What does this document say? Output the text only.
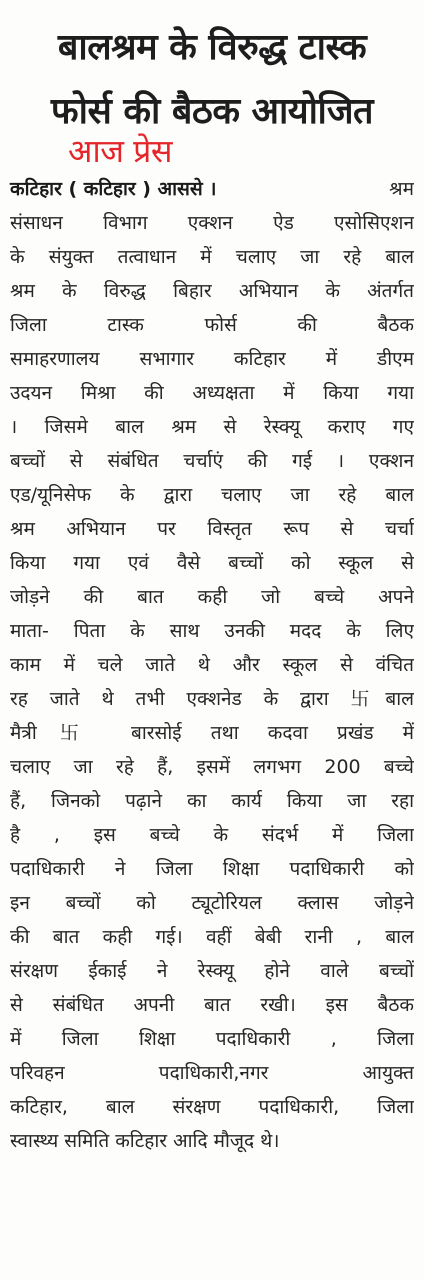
बालश्रम के विरुद्ध टास्क
फोर्स की बैठक आयोजित
आज प्रेस
कटिहार ( कटिहार ) आससे ।	श्रम
संसाधन विभाग एक्शन ऐड एसोसिएशन
के संयुक्त तत्वाधान में चलाए जा रहे बाल
श्रम के विरुद्ध बिहार अभियान के अंतर्गत
जिला टास्क फोर्स की बैठक
समाहरणालय सभागार कटिहार में डीएम
उदयन मिश्रा की अध्यक्षता में किया गया
। जिसमे बाल श्रम से रेस्क्यू कराए गए
बच्चों से संबंधित चर्चाएं की गई । एक्शन
एड/यूनिसेफ के द्वारा चलाए जा रहे बाल
श्रम अभियान पर विस्तृत रूप से चर्चा
किया गया एवं वैसे बच्चों को स्कूल से
जोड़ने की बात कही जो बच्चे अपने
माता- पिता के साथ उनकी मदद के लिए
काम में चले जाते थे और स्कूल से वंचित
रह जाते थे तभी एक्शनेड के द्वारा 卐बाल
मैत्री卐 बारसोई तथा कदवा प्रखंड में
चलाए जा रहे हैं, इसमें लगभग 200 बच्चे
हैं, जिनको पढ़ाने का कार्य किया जा रहा
है , इस बच्चे के संदर्भ में जिला
पदाधिकारी ने जिला शिक्षा पदाधिकारी को
इन बच्चों को ट्यूटोरियल क्लास जोड़ने
की बात कही गई। वहीं बेबी रानी , बाल
संरक्षण ईकाई ने रेस्क्यू होने वाले बच्चों
से संबंधित अपनी बात रखी। इस बैठक
में जिला शिक्षा पदाधिकारी , जिला
परिवहन पदाधिकारी,नगर आयुक्त
कटिहार, बाल संरक्षण पदाधिकारी, जिला
स्वास्थ्य समिति कटिहार आदि मौजूद थे।
